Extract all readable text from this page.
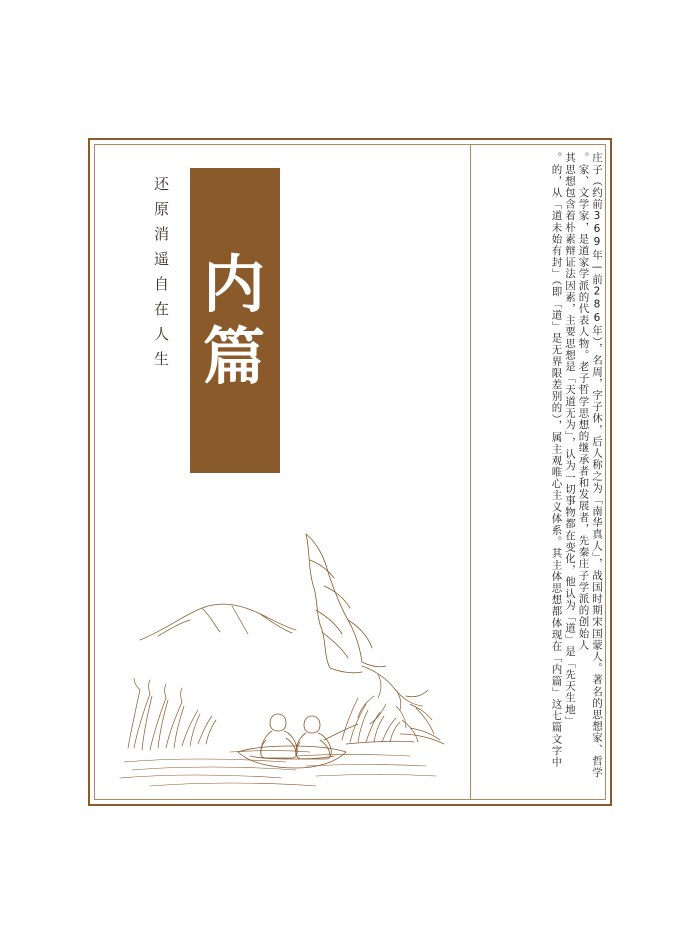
还原消遥自在人生 内
篇	庄子（约前369年—前286年），名周，字子休，后人称之为「南华真人」，战国时期宋国蒙人。著名的思想家、哲学
家、文学家，是道家学派的代表人物。老子哲学思想的继承者和发展者，先秦庄子学派的创始人。
其思想包含着朴素辩证法因素，主要思想是「天道无为」，认为一切事物都在变化，他认为「道」是「先天生地」
的，从「道未始有封」（即「道」是无界限差别的），属主观唯心主义体系。其主体思想都体现在「内篇」这七篇文字中。
